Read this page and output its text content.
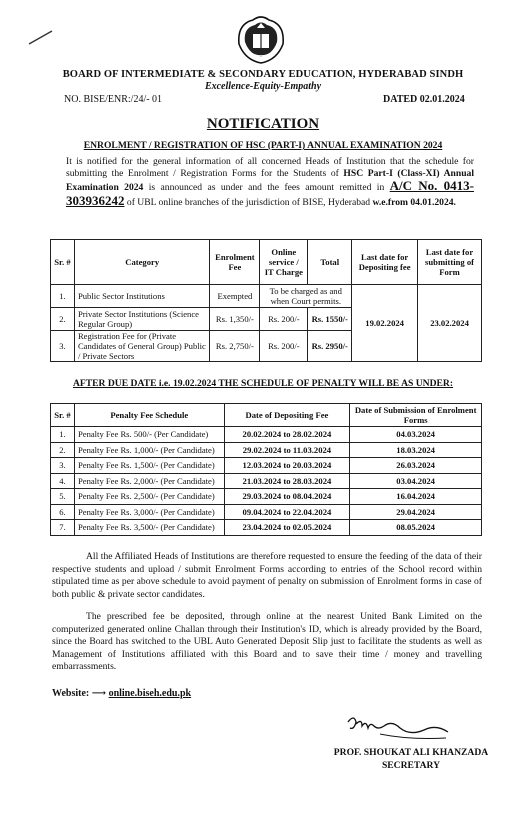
BOARD OF INTERMEDIATE & SECONDARY EDUCATION, HYDERABAD SINDH
Excellence-Equity-Empathy
NO. BISE/ENR:/24/- 01	DATED 02.01.2024
NOTIFICATION
ENROLMENT / REGISTRATION OF HSC (PART-I) ANNUAL EXAMINATION 2024
It is notified for the general information of all concerned Heads of Institution that the schedule for submitting the Enrolment / Registration Forms for the Students of HSC Part-I (Class-XI) Annual Examination 2024 is announced as under and the fees amount remitted in A/C No. 0413-303936242 of UBL online branches of the jurisdiction of BISE, Hyderabad w.e.from 04.01.2024.
Sr. #	Category	Enrolment Fee	Online service / IT Charge	Total	Last date for Depositing fee	Last date for submitting of Form
1.	Public Sector Institutions	Exempted	To be charged as and when Court permits.		19.02.2024	23.02.2024
2.	Private Sector Institutions (Science Regular Group)	Rs. 1,350/-	Rs. 200/-	Rs. 1550/-		
3.	Registration Fee for (Private Candidates of General Group) Public / Private Sectors	Rs. 2,750/-	Rs. 200/-	Rs. 2950/-		
AFTER DUE DATE i.e. 19.02.2024 THE SCHEDULE OF PENALTY WILL BE AS UNDER:
Sr. #	Penalty Fee Schedule	Date of Depositing Fee	Date of Submission of Enrolment Forms
1.	Penalty Fee Rs. 500/- (Per Candidate)	20.02.2024 to 28.02.2024	04.03.2024
2.	Penalty Fee Rs. 1,000/- (Per Candidate)	29.02.2024 to 11.03.2024	18.03.2024
3.	Penalty Fee Rs. 1,500/- (Per Candidate)	12.03.2024 to 20.03.2024	26.03.2024
4.	Penalty Fee Rs. 2,000/- (Per Candidate)	21.03.2024 to 28.03.2024	03.04.2024
5.	Penalty Fee Rs. 2,500/- (Per Candidate)	29.03.2024 to 08.04.2024	16.04.2024
6.	Penalty Fee Rs. 3,000/- (Per Candidate)	09.04.2024 to 22.04.2024	29.04.2024
7.	Penalty Fee Rs. 3,500/- (Per Candidate)	23.04.2024 to 02.05.2024	08.05.2024
All the Affiliated Heads of Institutions are therefore requested to ensure the feeding of the data of their respective students and upload / submit Enrolment Forms according to entries of the School record within stipulated time as per above schedule to avoid payment of penalty on submission of Enrolment forms in case of both public & private sector candidates.
The prescribed fee be deposited, through online at the nearest United Bank Limited on the computerized generated online Challan through their Institution's ID, which is already provided by the Board, since the Board has switched to the UBL Auto Generated Deposit Slip just to facilitate the students as well as Management of Institutions affiliated with this Board and to save their time / money and travelling embarrassments.
Website: ⟶ online.biseh.edu.pk
PROF. SHOUKAT ALI KHANZADA
SECRETARY
